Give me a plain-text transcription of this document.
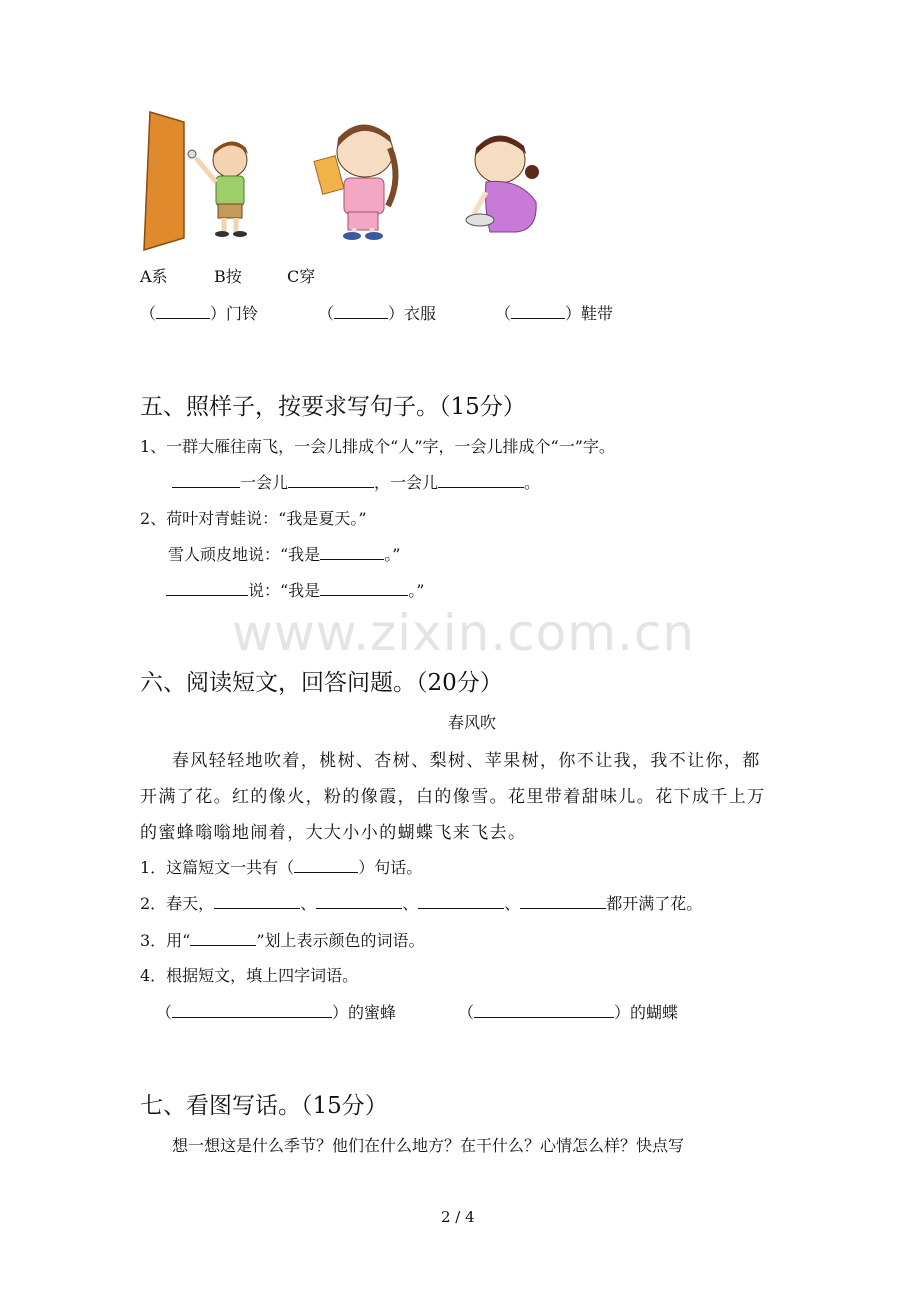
A系	B按	C穿
（	）门铃	（	）衣服	（	）鞋带
五、照样子，按要求写句子。（15分）
1、一群大雁往南飞，一会儿排成个“人”字，一会儿排成个“一”字。
一会儿	，一会儿	。
2、荷叶对青蛙说：“我是夏天。”
雪人顽皮地说：“我是	。”
说：“我是	。”
www.zixin.com.cn
六、阅读短文，回答问题。（20分）
春风吹
春风轻轻地吹着，桃树、杏树、梨树、苹果树，你不让我，我不让你，都
开满了花。红的像火，粉的像霞，白的像雪。花里带着甜味儿。花下成千上万
的蜜蜂嗡嗡地闹着，大大小小的蝴蝶飞来飞去。
1．这篇短文一共有（	）句话。
2．春天，	、	、	、	都开满了花。
3．用“	”划上表示颜色的词语。
4．根据短文，填上四字词语。
（	）的蜜蜂	（	）的蝴蝶
七、看图写话。（15分）
想一想这是什么季节？他们在什么地方？在干什么？心情怎么样？快点写
2 / 4
